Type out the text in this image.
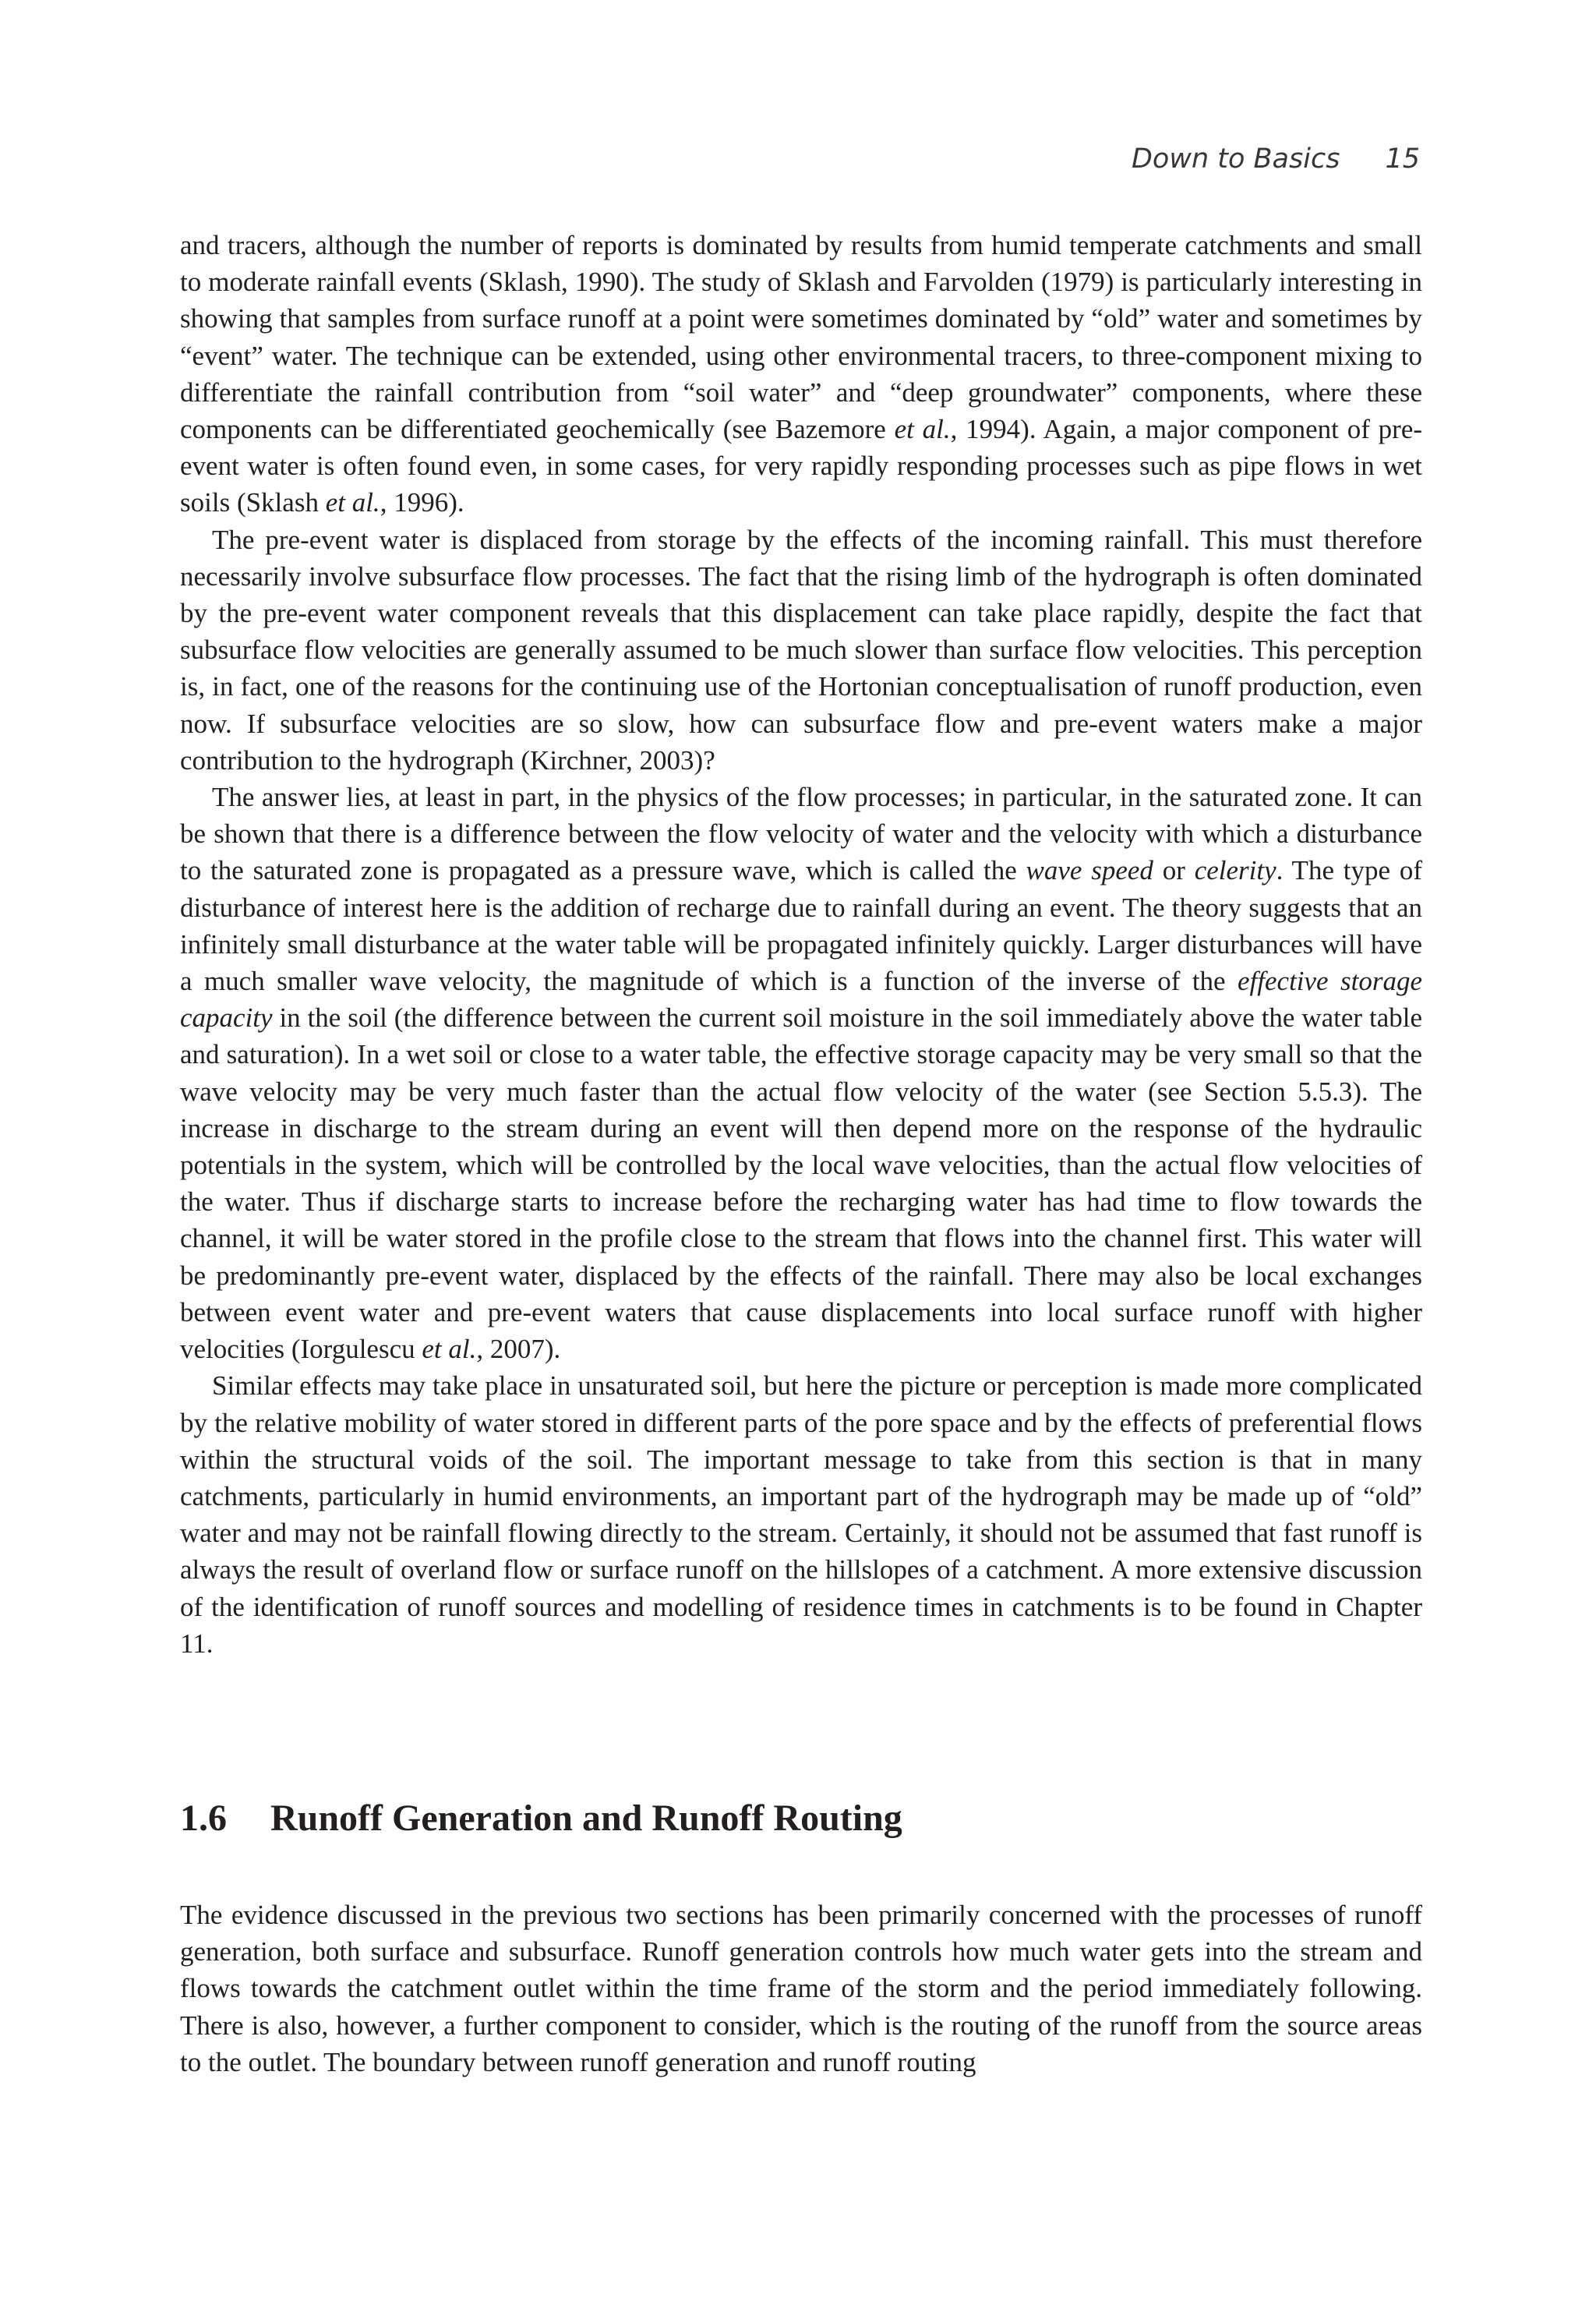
Down to Basics 15

and tracers, although the number of reports is dominated by results from humid temperate catchments and small to moderate rainfall events (Sklash, 1990). The study of Sklash and Farvolden (1979) is particularly interesting in showing that samples from surface runoff at a point were sometimes dominated by “old” water and sometimes by “event” water. The technique can be extended, using other environmental tracers, to three-component mixing to differentiate the rainfall contribution from “soil water” and “deep groundwater” components, where these components can be differentiated geochemically (see Bazemore et al., 1994). Again, a major component of pre-event water is often found even, in some cases, for very rapidly responding processes such as pipe flows in wet soils (Sklash et al., 1996).

The pre-event water is displaced from storage by the effects of the incoming rainfall. This must therefore necessarily involve subsurface flow processes. The fact that the rising limb of the hydrograph is often dominated by the pre-event water component reveals that this displacement can take place rapidly, despite the fact that subsurface flow velocities are generally assumed to be much slower than surface flow velocities. This perception is, in fact, one of the reasons for the continuing use of the Hortonian conceptualisation of runoff production, even now. If subsurface velocities are so slow, how can subsurface flow and pre-event waters make a major contribution to the hydrograph (Kirchner, 2003)?

The answer lies, at least in part, in the physics of the flow processes; in particular, in the saturated zone. It can be shown that there is a difference between the flow velocity of water and the velocity with which a disturbance to the saturated zone is propagated as a pressure wave, which is called the wave speed or celerity. The type of disturbance of interest here is the addition of recharge due to rainfall during an event. The theory suggests that an infinitely small disturbance at the water table will be propagated infinitely quickly. Larger disturbances will have a much smaller wave velocity, the magnitude of which is a function of the inverse of the effective storage capacity in the soil (the difference between the current soil moisture in the soil immediately above the water table and saturation). In a wet soil or close to a water table, the effective storage capacity may be very small so that the wave velocity may be very much faster than the actual flow velocity of the water (see Section 5.5.3). The increase in discharge to the stream during an event will then depend more on the response of the hydraulic potentials in the system, which will be controlled by the local wave velocities, than the actual flow velocities of the water. Thus if discharge starts to increase before the recharging water has had time to flow towards the channel, it will be water stored in the profile close to the stream that flows into the channel first. This water will be predominantly pre-event water, displaced by the effects of the rainfall. There may also be local exchanges between event water and pre-event waters that cause displacements into local surface runoff with higher velocities (Iorgulescu et al., 2007).

Similar effects may take place in unsaturated soil, but here the picture or perception is made more complicated by the relative mobility of water stored in different parts of the pore space and by the effects of preferential flows within the structural voids of the soil. The important message to take from this section is that in many catchments, particularly in humid environments, an important part of the hydrograph may be made up of “old” water and may not be rainfall flowing directly to the stream. Certainly, it should not be assumed that fast runoff is always the result of overland flow or surface runoff on the hillslopes of a catchment. A more extensive discussion of the identification of runoff sources and modelling of residence times in catchments is to be found in Chapter 11.

1.6 Runoff Generation and Runoff Routing

The evidence discussed in the previous two sections has been primarily concerned with the processes of runoff generation, both surface and subsurface. Runoff generation controls how much water gets into the stream and flows towards the catchment outlet within the time frame of the storm and the period immediately following. There is also, however, a further component to consider, which is the routing of the runoff from the source areas to the outlet. The boundary between runoff generation and runoff routing
